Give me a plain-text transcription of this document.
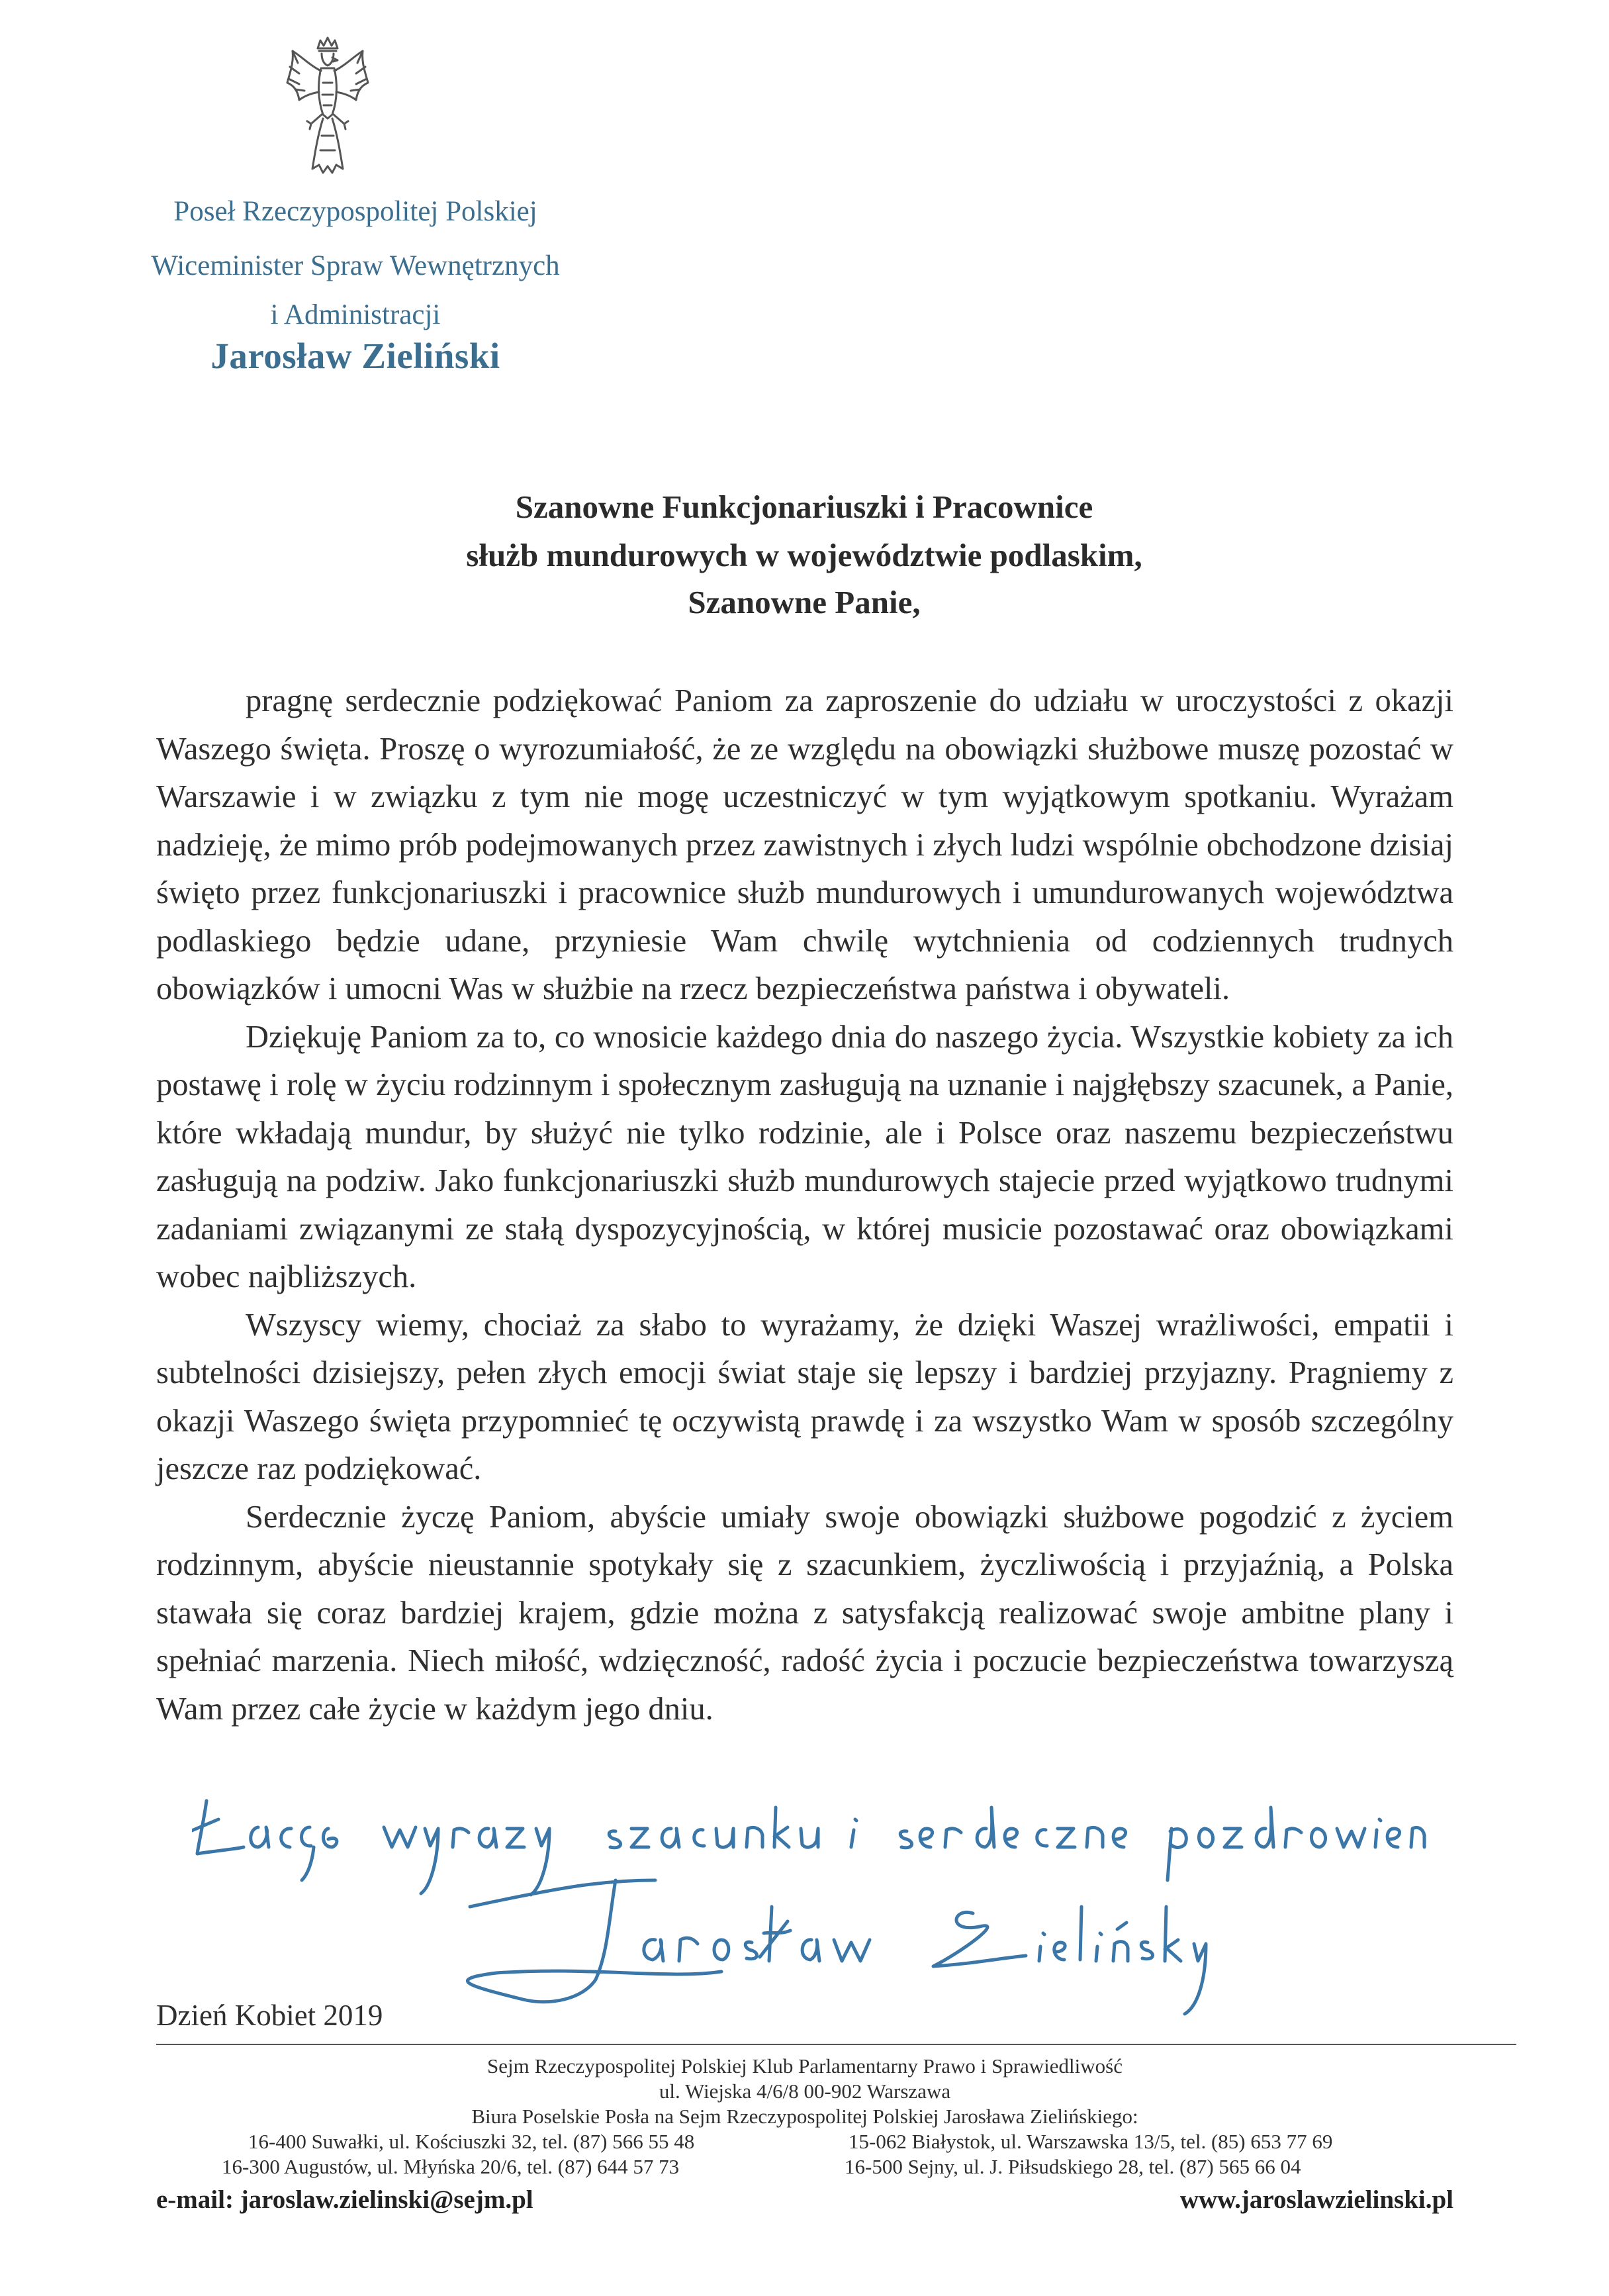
Poseł Rzeczypospolitej Polskiej
Wiceminister Spraw Wewnętrznych
i Administracji
Jarosław Zieliński
Szanowne Funkcjonariuszki i Pracownice
służb mundurowych w województwie podlaskim,
Szanowne Panie,

pragnę serdecznie podziękować Paniom za zaproszenie do udziału w uroczystości z okazji Waszego święta. Proszę o wyrozumiałość, że ze względu na obowiązki służbowe muszę pozostać w Warszawie i w związku z tym nie mogę uczestniczyć w tym wyjątkowym spotkaniu. Wyrażam nadzieję, że mimo prób podejmowanych przez zawistnych i złych ludzi wspólnie obchodzone dzisiaj święto przez funkcjonariuszki i pracownice służb mundurowych i umundurowanych województwa podlaskiego będzie udane, przyniesie Wam chwilę wytchnienia od codziennych trudnych obowiązków i umocni Was w służbie na rzecz bezpieczeństwa państwa i obywateli.

Dziękuję Paniom za to, co wnosicie każdego dnia do naszego życia. Wszystkie kobiety za ich postawę i rolę w życiu rodzinnym i społecznym zasługują na uznanie i najgłębszy szacunek, a Panie, które wkładają mundur, by służyć nie tylko rodzinie, ale i Polsce oraz naszemu bezpieczeństwu zasługują na podziw. Jako funkcjonariuszki służb mundurowych stajecie przed wyjątkowo trudnymi zadaniami związanymi ze stałą dyspozycyjnością, w której musicie pozostawać oraz obowiązkami wobec najbliższych.

Wszyscy wiemy, chociaż za słabo to wyrażamy, że dzięki Waszej wrażliwości, empatii i subtelności dzisiejszy, pełen złych emocji świat staje się lepszy i bardziej przyjazny. Pragniemy z okazji Waszego święta przypomnieć tę oczywistą prawdę i za wszystko Wam w sposób szczególny jeszcze raz podziękować.

Serdecznie życzę Paniom, abyście umiały swoje obowiązki służbowe pogodzić z życiem rodzinnym, abyście nieustannie spotykały się z szacunkiem, życzliwością i przyjaźnią, a Polska stawała się coraz bardziej krajem, gdzie można z satysfakcją realizować swoje ambitne plany i spełniać marzenia. Niech miłość, wdzięczność, radość życia i poczucie bezpieczeństwa towarzyszą Wam przez całe życie w każdym jego dniu.

Dzień Kobiet 2019
Sejm Rzeczypospolitej Polskiej Klub Parlamentarny Prawo i Sprawiedliwość
ul. Wiejska 4/6/8 00-902 Warszawa
Biura Poselskie Posła na Sejm Rzeczypospolitej Polskiej Jarosława Zielińskiego:
16-400 Suwałki, ul. Kościuszki 32, tel. (87) 566 55 48	15-062 Białystok, ul. Warszawska 13/5, tel. (85) 653 77 69
16-300 Augustów, ul. Młyńska 20/6, tel. (87) 644 57 73	16-500 Sejny, ul. J. Piłsudskiego 28, tel. (87) 565 66 04
e-mail: jaroslaw.zielinski@sejm.pl	www.jaroslawzielinski.pl
